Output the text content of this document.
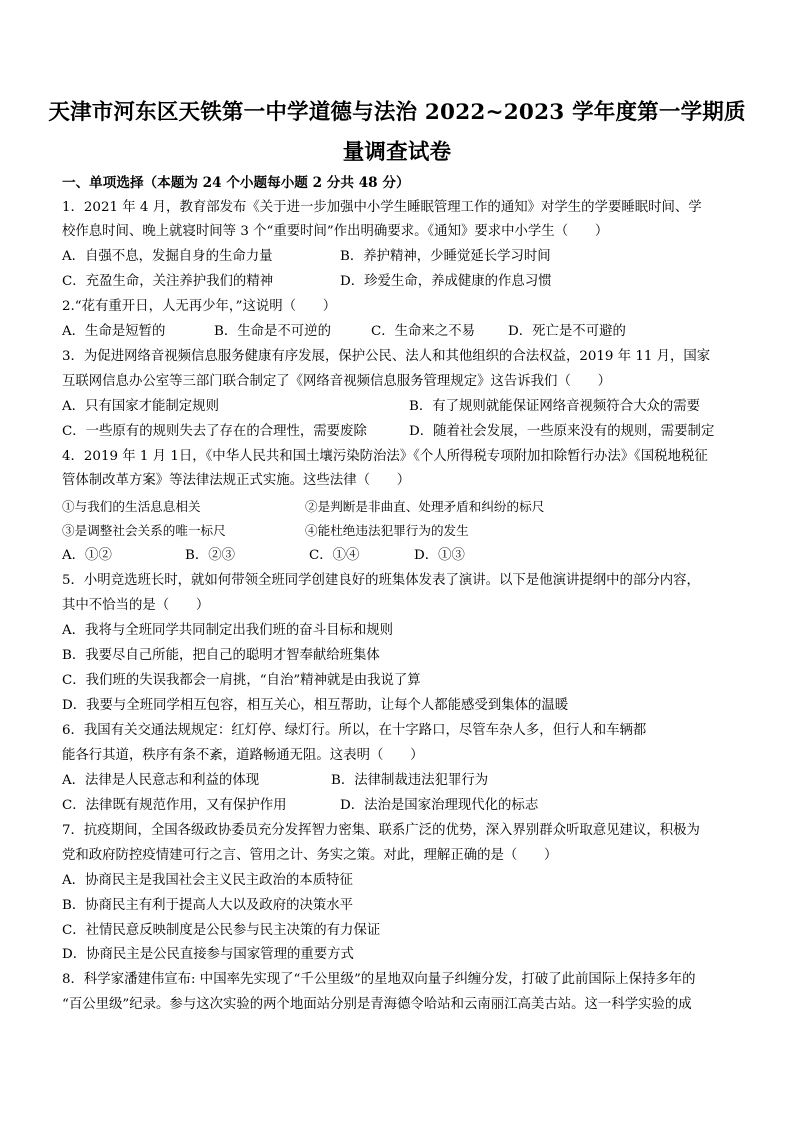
天津市河东区天铁第一中学道德与法治 2022~2023 学年度第一学期质
量调查试卷
一、单项选择（本题为 24 个小题每小题 2 分共 48 分）
1．2021 年 4 月，教育部发布《关于进一步加强中小学生睡眠管理工作的通知》对学生的学要睡眠时间、学
校作息时间、晚上就寝时间等 3 个“重要时间”作出明确要求。《通知》要求中小学生（　　）
A．自强不息，发掘自身的生命力量	B．养护精神，少睡觉延长学习时间
C．充盈生命，关注养护我们的精神	D．珍爱生命，养成健康的作息习惯
2.“花有重开日，人无再少年，”这说明（　　）
A．生命是短暂的	B．生命是不可逆的	C．生命来之不易 D．死亡是不可避的
3．为促进网络音视频信息服务健康有序发展，保护公民、法人和其他组织的合法权益，2019 年 11 月，国家
互联网信息办公室等三部门联合制定了《网络音视频信息服务管理规定》这告诉我们（　　）
A．只有国家才能制定规则	B．有了规则就能保证网络音视频符合大众的需要
C．一些原有的规则失去了存在的合理性，需要废除	D．随着社会发展，一些原来没有的规则，需要制定
4．2019 年 1 月 1日，《中华人民共和国土壤污染防治法》《个人所得税专项附加扣除暂行办法》《国税地税征
管体制改革方案》等法律法规正式实施。这些法律（　　）
①与我们的生活息息相关	②是判断是非曲直、处理矛盾和纠纷的标尺
③是调整社会关系的唯一标尺	④能杜绝违法犯罪行为的发生
A．①②	B．②③	C．①④	D．①③
5．小明竞选班长时，就如何带领全班同学创建良好的班集体发表了演讲。以下是他演讲提纲中的部分内容，
其中不恰当的是（　　）
A．我将与全班同学共同制定出我们班的奋斗目标和规则
B．我要尽自己所能，把自己的聪明才智奉献给班集体
C．我们班的失误我都会一肩挑，“自治”精神就是由我说了算
D．我要与全班同学相互包容，相互关心，相互帮助，让每个人都能感受到集体的温暖
6．我国有关交通法规规定：红灯停、绿灯行。所以，在十字路口，尽管车杂人多，但行人和车辆都
能各行其道，秩序有条不紊，道路畅通无阻。这表明（　　）
A．法律是人民意志和利益的体现	B．法律制裁违法犯罪行为
C．法律既有规范作用，又有保护作用	D．法治是国家治理现代化的标志
7．抗疫期间，全国各级政协委员充分发挥智力密集、联系广泛的优势，深入界别群众听取意见建议，积极为
党和政府防控疫情建可行之言、管用之计、务实之策。对此，理解正确的是（　　）
A．协商民主是我国社会主义民主政治的本质特征
B．协商民主有利于提高人大以及政府的决策水平
C．社情民意反映制度是公民参与民主决策的有力保证
D．协商民主是公民直接参与国家管理的重要方式
8．科学家潘建伟宣布: 中国率先实现了“千公里级”的星地双向量子纠缠分发，打破了此前国际上保持多年的
“百公里级”纪录。参与这次实验的两个地面站分别是青海德令哈站和云南丽江高美古站。这一科学实验的成
